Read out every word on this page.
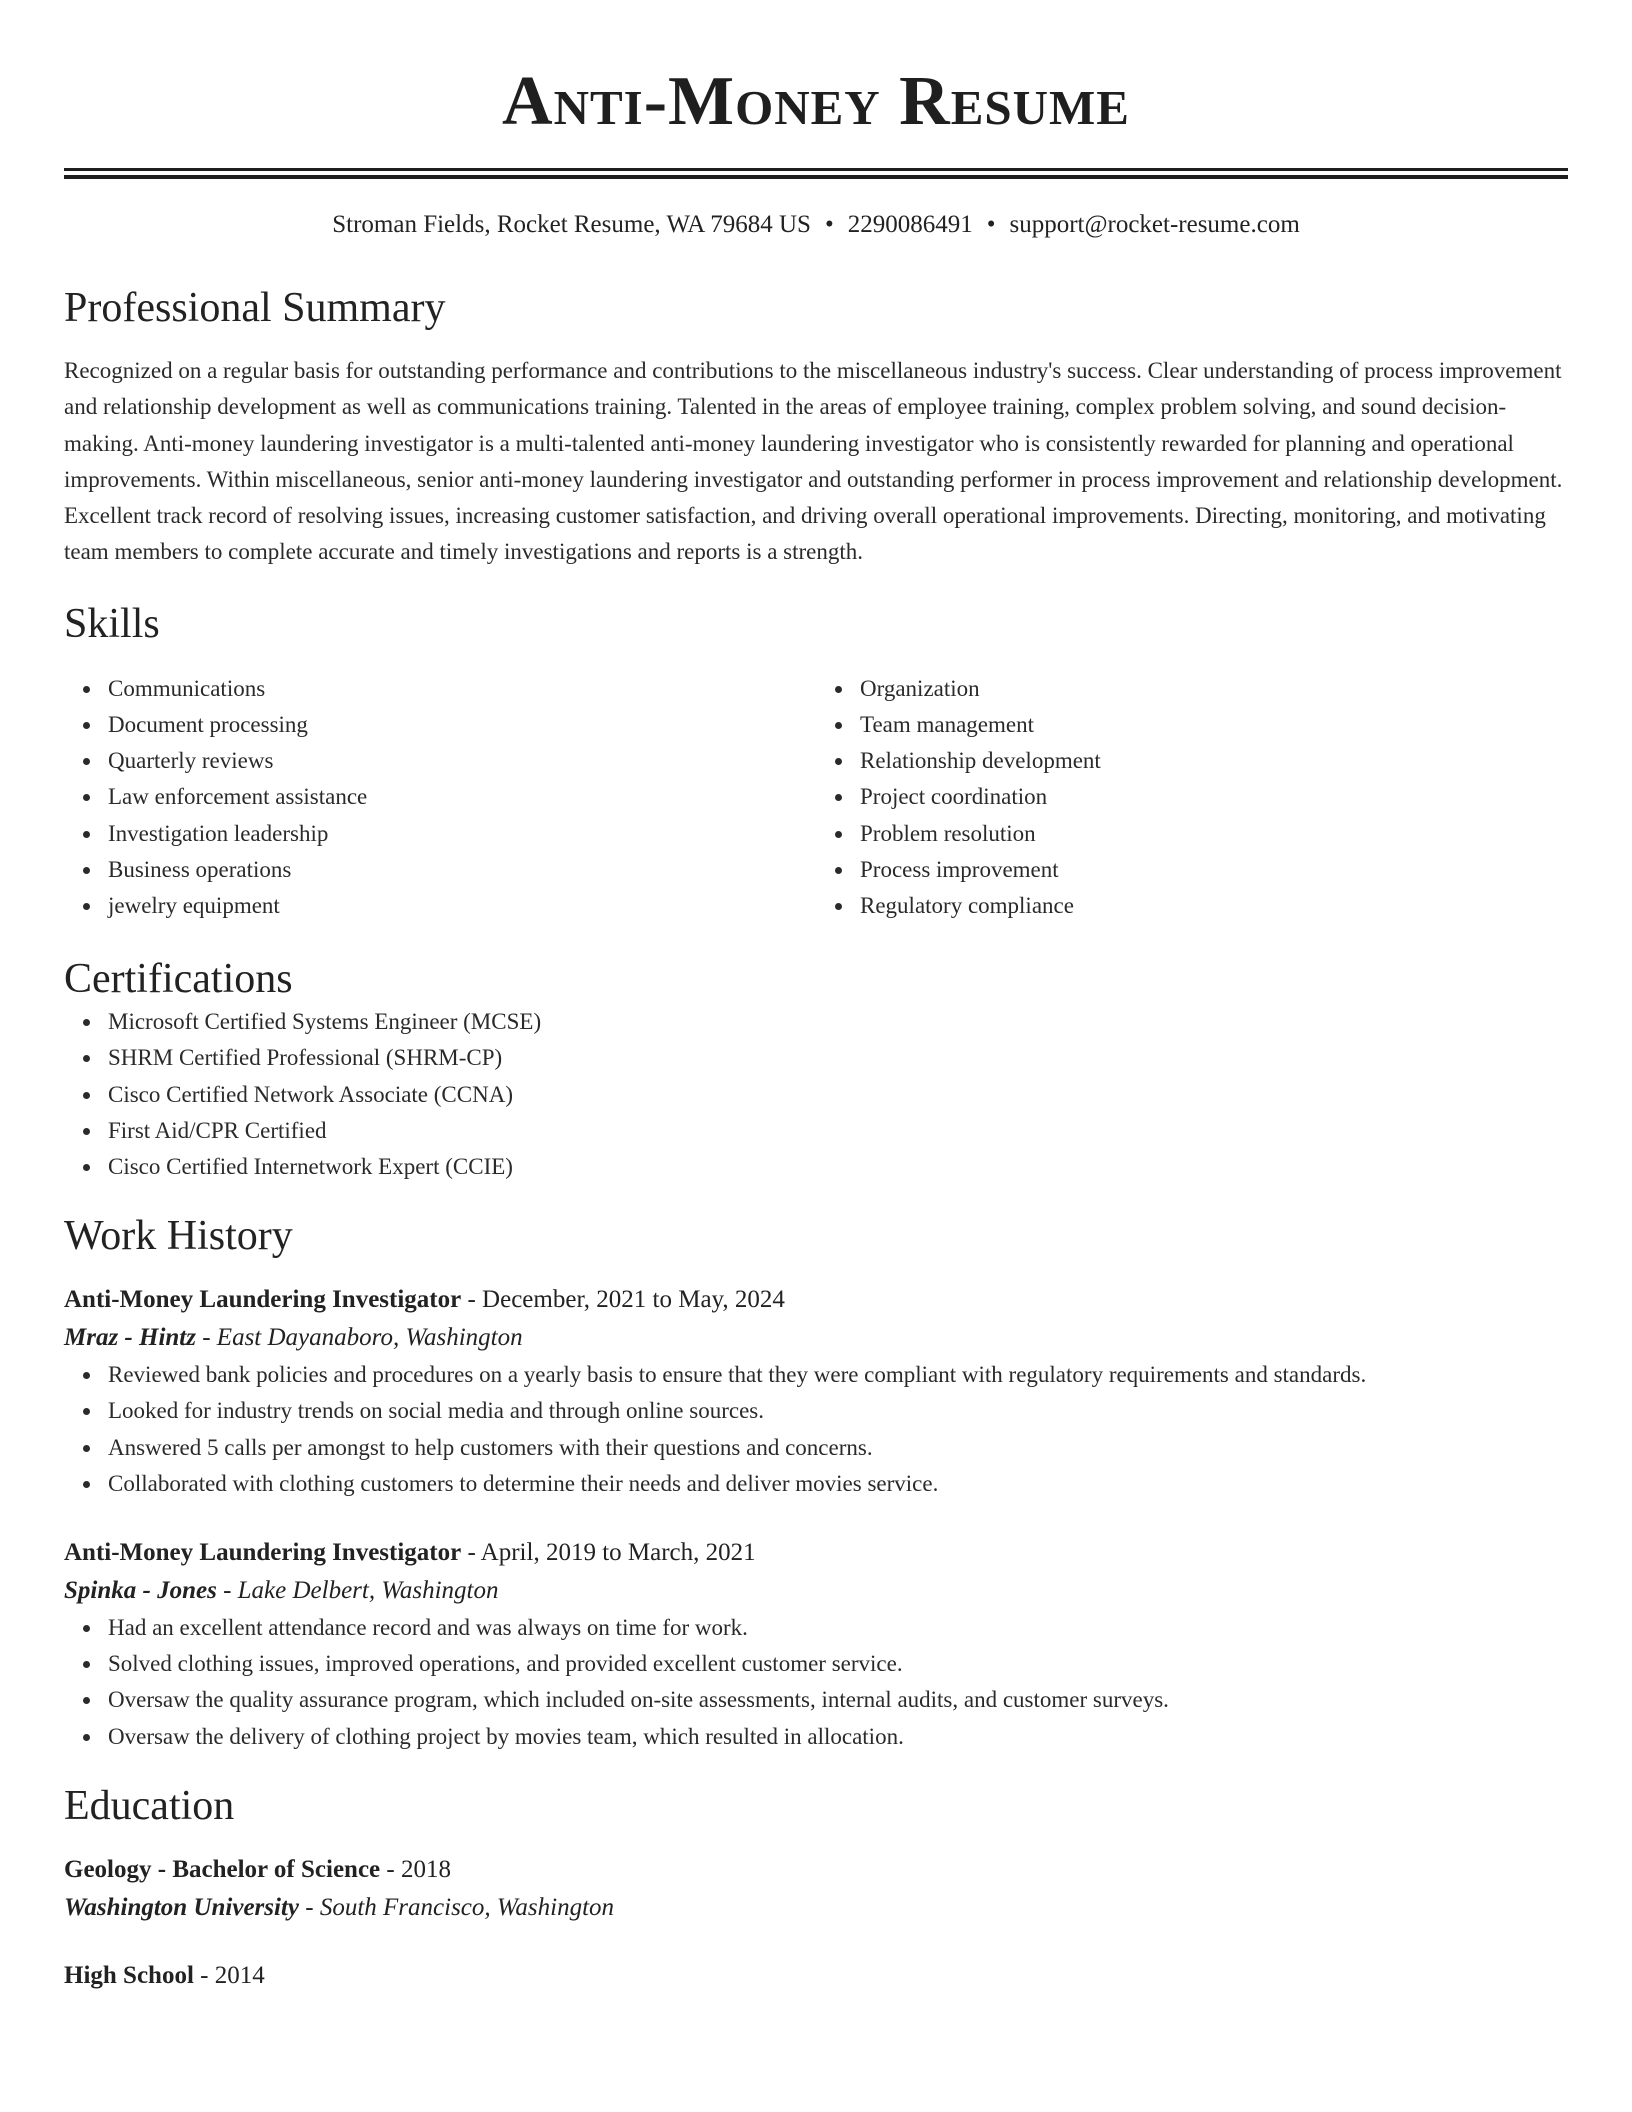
Anti-Money Resume
Stroman Fields, Rocket Resume, WA 79684 US • 2290086491 • support@rocket-resume.com
Professional Summary
Recognized on a regular basis for outstanding performance and contributions to the miscellaneous industry's success. Clear understanding of process improvement and relationship development as well as communications training. Talented in the areas of employee training, complex problem solving, and sound decision-making. Anti-money laundering investigator is a multi-talented anti-money laundering investigator who is consistently rewarded for planning and operational improvements. Within miscellaneous, senior anti-money laundering investigator and outstanding performer in process improvement and relationship development. Excellent track record of resolving issues, increasing customer satisfaction, and driving overall operational improvements. Directing, monitoring, and motivating team members to complete accurate and timely investigations and reports is a strength.
Skills
Communications
Document processing
Quarterly reviews
Law enforcement assistance
Investigation leadership
Business operations
jewelry equipment
Organization
Team management
Relationship development
Project coordination
Problem resolution
Process improvement
Regulatory compliance
Certifications
Microsoft Certified Systems Engineer (MCSE)
SHRM Certified Professional (SHRM-CP)
Cisco Certified Network Associate (CCNA)
First Aid/CPR Certified
Cisco Certified Internetwork Expert (CCIE)
Work History
Anti-Money Laundering Investigator - December, 2021 to May, 2024
Mraz - Hintz - East Dayanaboro, Washington
Reviewed bank policies and procedures on a yearly basis to ensure that they were compliant with regulatory requirements and standards.
Looked for industry trends on social media and through online sources.
Answered 5 calls per amongst to help customers with their questions and concerns.
Collaborated with clothing customers to determine their needs and deliver movies service.
Anti-Money Laundering Investigator - April, 2019 to March, 2021
Spinka - Jones - Lake Delbert, Washington
Had an excellent attendance record and was always on time for work.
Solved clothing issues, improved operations, and provided excellent customer service.
Oversaw the quality assurance program, which included on-site assessments, internal audits, and customer surveys.
Oversaw the delivery of clothing project by movies team, which resulted in allocation.
Education
Geology - Bachelor of Science - 2018
Washington University - South Francisco, Washington
High School - 2014
